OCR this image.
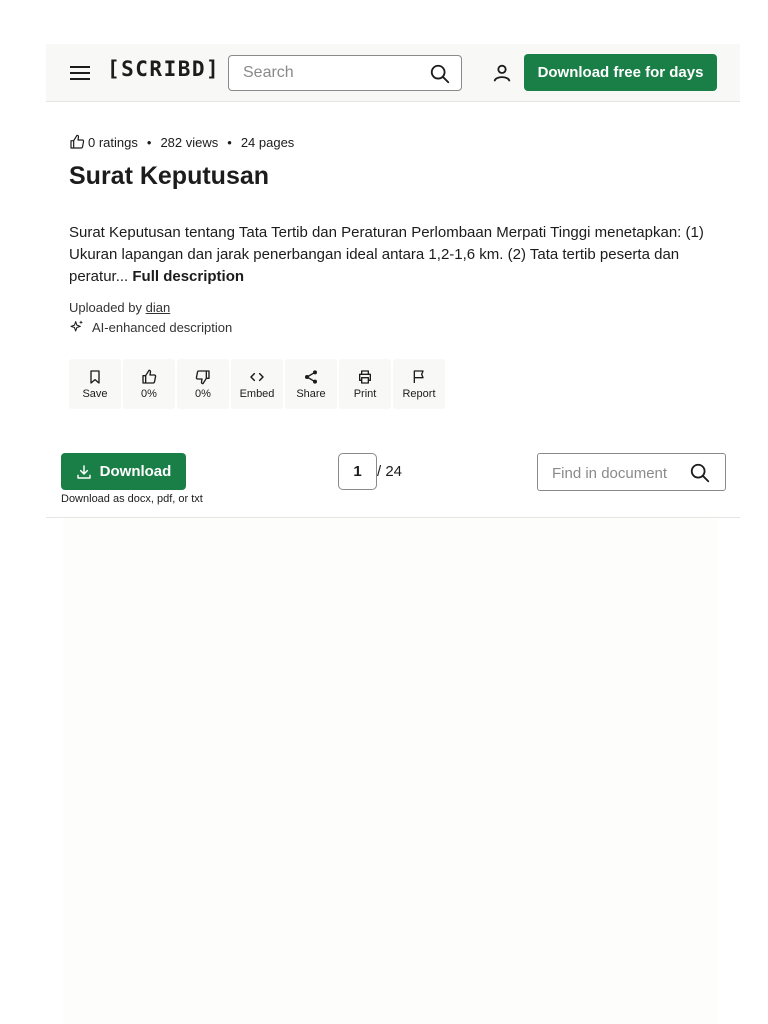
[SCRIBD]
Search	Download free for days
0 ratings • 282 views • 24 pages
Surat Keputusan

Surat Keputusan tentang Tata Tertib dan Peraturan Perlombaan Merpati Tinggi menetapkan: (1) Ukuran lapangan dan jarak penerbangan ideal antara 1,2-1,6 km. (2) Tata tertib peserta dan peratur... Full description

Uploaded by dian
AI-enhanced description
Save	0%	0%	Embed Share	Print Report
Download
Download as docx, pdf, or txt
1
/ 24
Find in document
